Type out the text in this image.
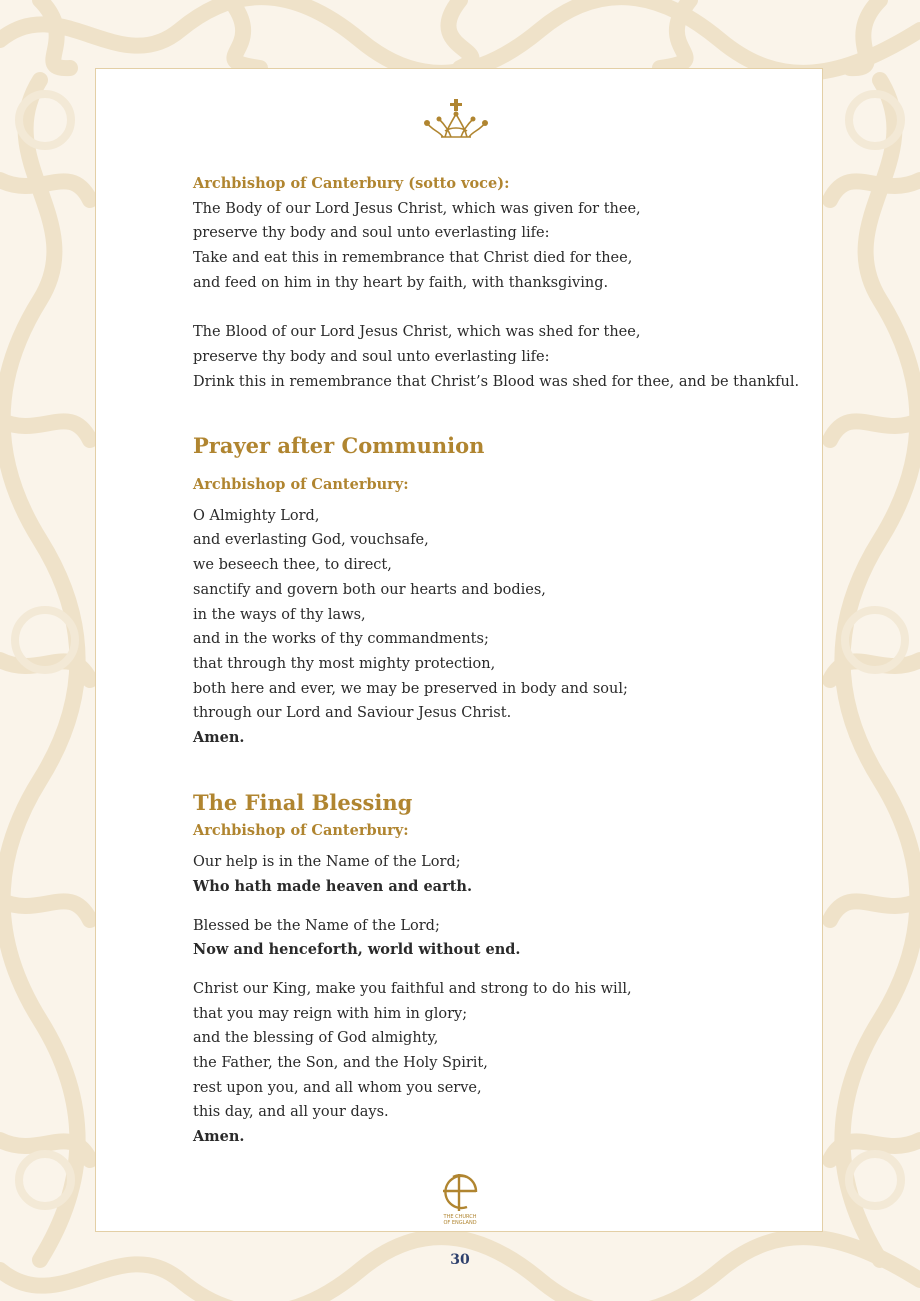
Archbishop of Canterbury (sotto voce):

The Body of our Lord Jesus Christ, which was given for thee,
preserve thy body and soul unto everlasting life:
Take and eat this in remembrance that Christ died for thee,
and feed on him in thy heart by faith, with thanksgiving.
The Blood of our Lord Jesus Christ, which was shed for thee,
preserve thy body and soul unto everlasting life:
Drink this in remembrance that Christ’s Blood was shed for thee, and be thankful.
Prayer after Communion

Archbishop of Canterbury:

O Almighty Lord,
and everlasting God, vouchsafe,
we beseech thee, to direct,
sanctify and govern both our hearts and bodies,
in the ways of thy laws,
and in the works of thy commandments;
that through thy most mighty protection,
both here and ever, we may be preserved in body and soul;
through our Lord and Saviour Jesus Christ.
Amen.
The Final Blessing

Archbishop of Canterbury:

Our help is in the Name of the Lord;
Who hath made heaven and earth.
Blessed be the Name of the Lord;
Now and henceforth, world without end.
Christ our King, make you faithful and strong to do his will,
that you may reign with him in glory;
and the blessing of God almighty,
the Father, the Son, and the Holy Spirit,
rest upon you, and all whom you serve,
this day, and all your days.
Amen.
THE CHURCH
OF ENGLAND
30
